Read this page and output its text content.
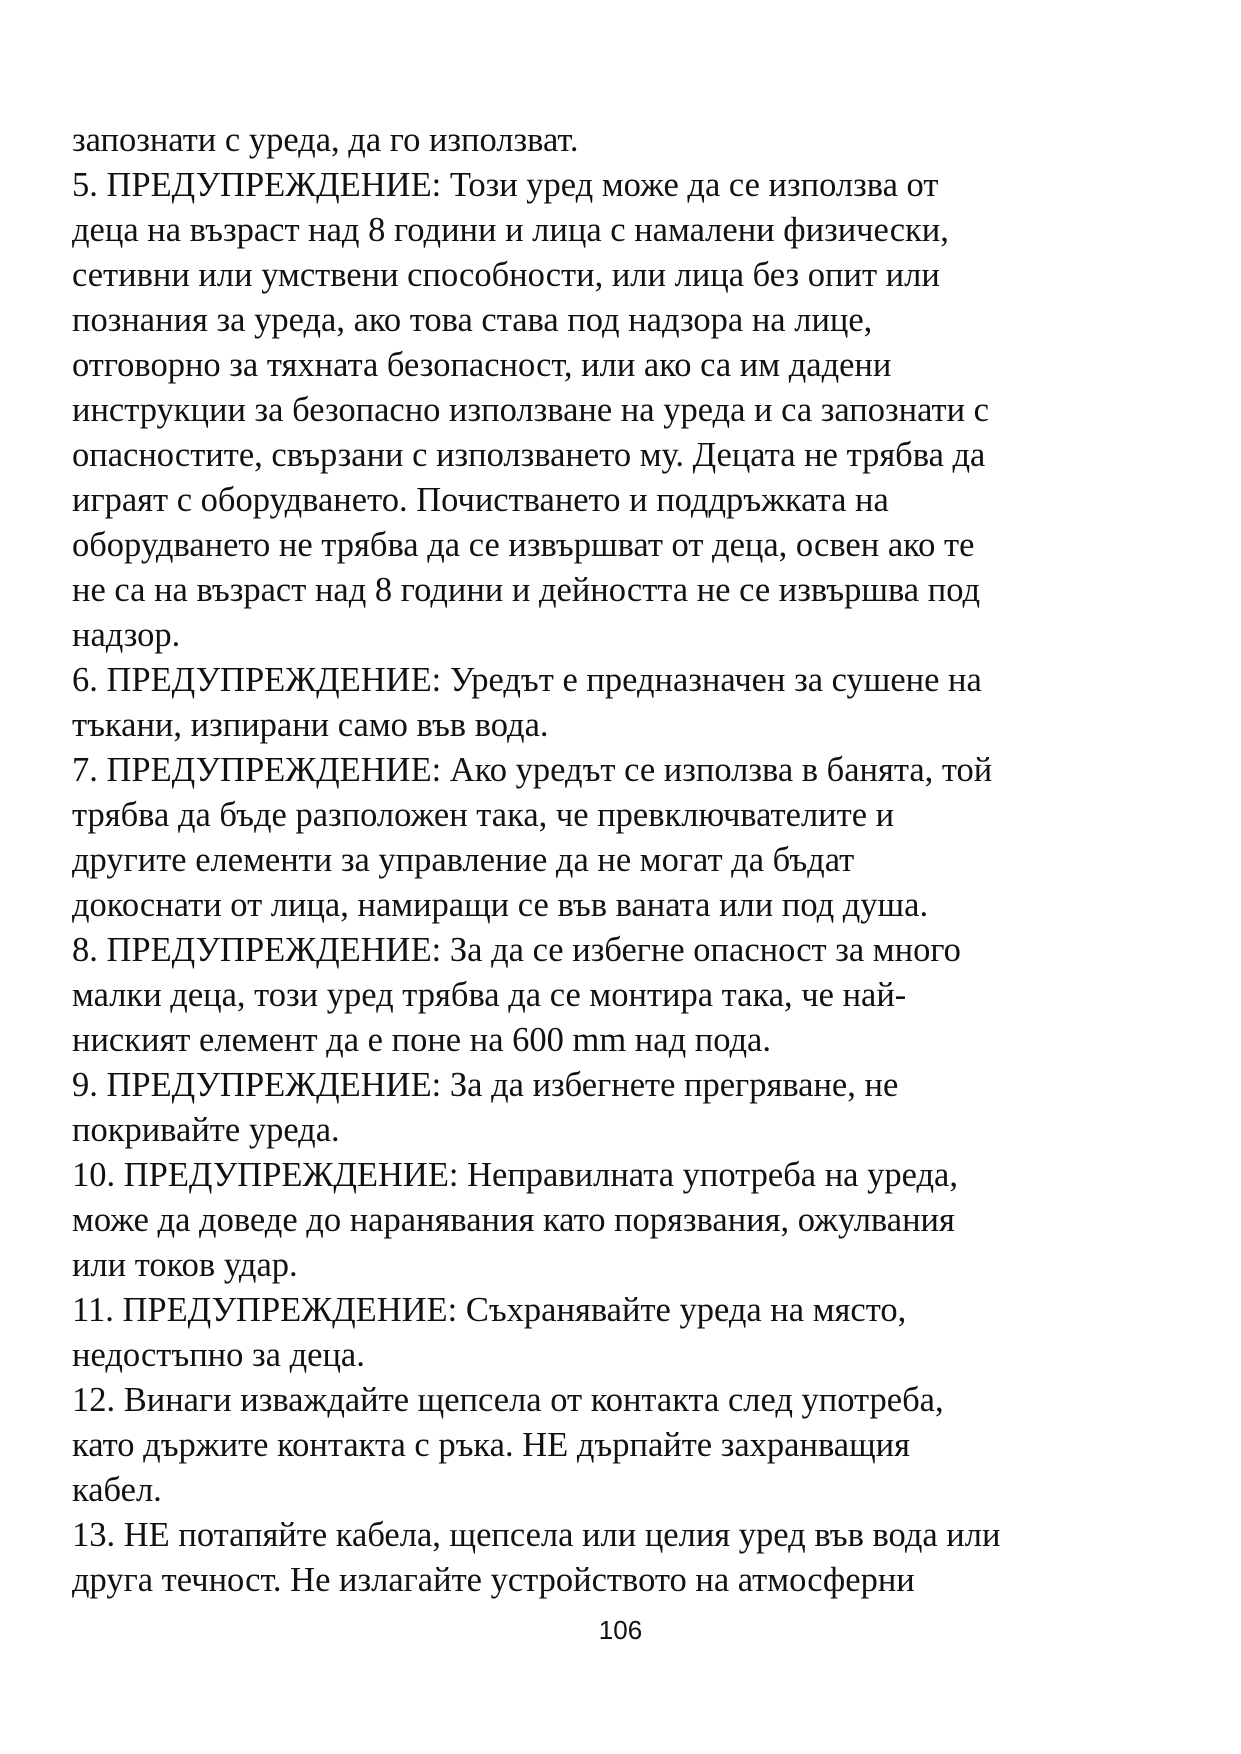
запознати с уреда, да го използват.
5. ПРЕДУПРЕЖДЕНИЕ: Този уред може да се използва от
деца на възраст над 8 години и лица с намалени физически,
сетивни или умствени способности, или лица без опит или
познания за уреда, ако това става под надзора на лице,
отговорно за тяхната безопасност, или ако са им дадени
инструкции за безопасно използване на уреда и са запознати с
опасностите, свързани с използването му. Децата не трябва да
играят с оборудването. Почистването и поддръжката на
оборудването не трябва да се извършват от деца, освен ако те
не са на възраст над 8 години и дейността не се извършва под
надзор.
6. ПРЕДУПРЕЖДЕНИЕ: Уредът е предназначен за сушене на
тъкани, изпирани само във вода.
7. ПРЕДУПРЕЖДЕНИЕ: Ако уредът се използва в банята, той
трябва да бъде разположен така, че превключвателите и
другите елементи за управление да не могат да бъдат
докоснати от лица, намиращи се във ваната или под душа.
8. ПРЕДУПРЕЖДЕНИЕ: За да се избегне опасност за много
малки деца, този уред трябва да се монтира така, че най-
ниският елемент да е поне на 600 mm над пода.
9. ПРЕДУПРЕЖДЕНИЕ: За да избегнете прегряване, не
покривайте уреда.
10. ПРЕДУПРЕЖДЕНИЕ: Неправилната употреба на уреда,
може да доведе до наранявания като порязвания, ожулвания
или токов удар.
11. ПРЕДУПРЕЖДЕНИЕ: Съхранявайте уреда на място,
недостъпно за деца.
12. Винаги изваждайте щепсела от контакта след употреба,
като държите контакта с ръка. НЕ дърпайте захранващия
кабел.
13. НЕ потапяйте кабела, щепсела или целия уред във вода или
друга течност. Не излагайте устройството на атмосферни
106
